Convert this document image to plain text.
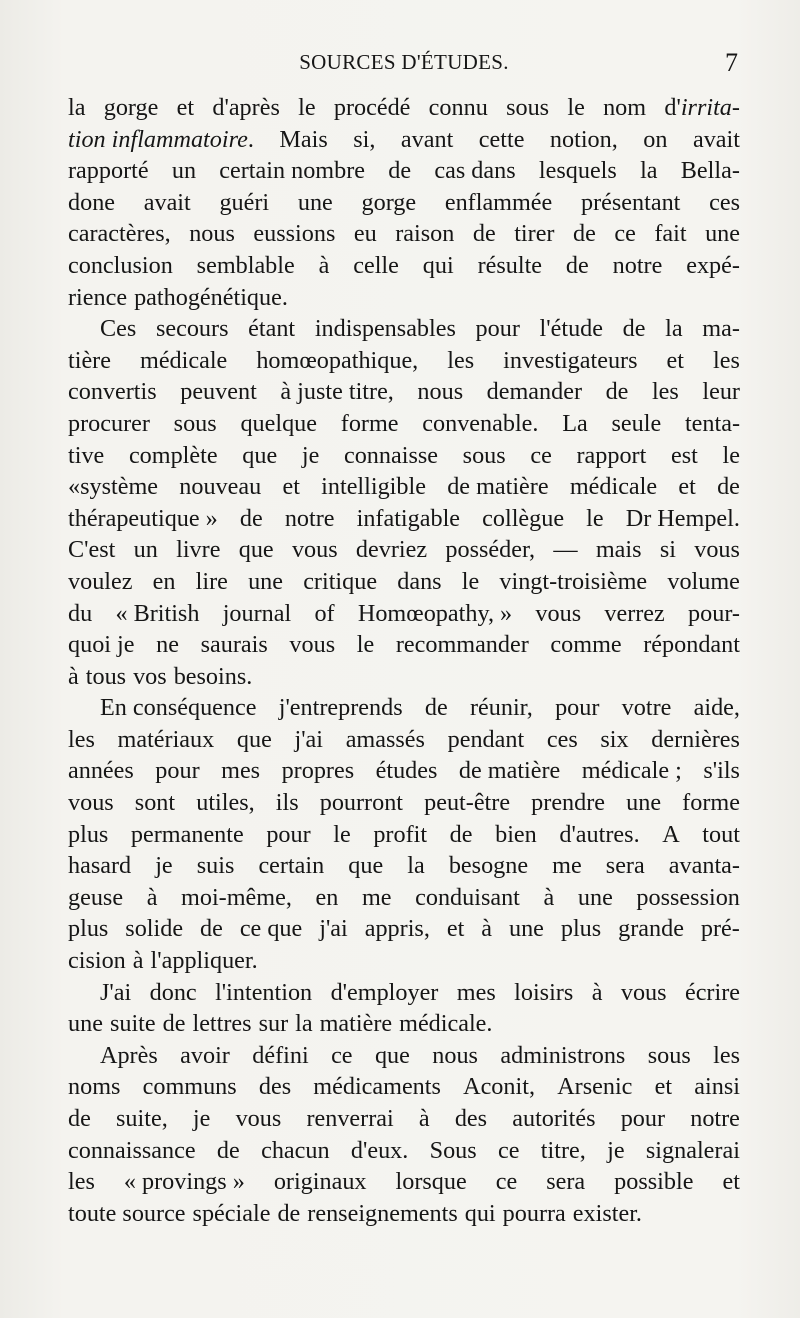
SOURCES D'ÉTUDES.	7
la gorge et d'après le procédé connu sous le nom d'irrita-
tion inflammatoire. Mais si, avant cette notion, on avait
rapporté un certain nombre de cas dans lesquels la Bella-
done avait guéri une gorge enflammée présentant ces
caractères, nous eussions eu raison de tirer de ce fait une
conclusion semblable à celle qui résulte de notre expé-
rience pathogénétique.
Ces secours étant indispensables pour l'étude de la ma-
tière médicale homœopathique, les investigateurs et les
convertis peuvent à juste titre, nous demander de les leur
procurer sous quelque forme convenable. La seule tenta-
tive complète que je connaisse sous ce rapport est le
«système nouveau et intelligible de matière médicale et de
thérapeutique » de notre infatigable collègue le Dr Hempel.
C'est un livre que vous devriez posséder, — mais si vous
voulez en lire une critique dans le vingt-troisième volume
du « British journal of Homœopathy, » vous verrez pour-
quoi je ne saurais vous le recommander comme répondant
à tous vos besoins.
En conséquence j'entreprends de réunir, pour votre aide,
les matériaux que j'ai amassés pendant ces six dernières
années pour mes propres études de matière médicale ; s'ils
vous sont utiles, ils pourront peut-être prendre une forme
plus permanente pour le profit de bien d'autres. A tout
hasard je suis certain que la besogne me sera avanta-
geuse à moi-même, en me conduisant à une possession
plus solide de ce que j'ai appris, et à une plus grande pré-
cision à l'appliquer.
J'ai donc l'intention d'employer mes loisirs à vous écrire
une suite de lettres sur la matière médicale.
Après avoir défini ce que nous administrons sous les
noms communs des médicaments Aconit, Arsenic et ainsi
de suite, je vous renverrai à des autorités pour notre
connaissance de chacun d'eux. Sous ce titre, je signalerai
les « provings » originaux lorsque ce sera possible et
toute source spéciale de renseignements qui pourra exister.
